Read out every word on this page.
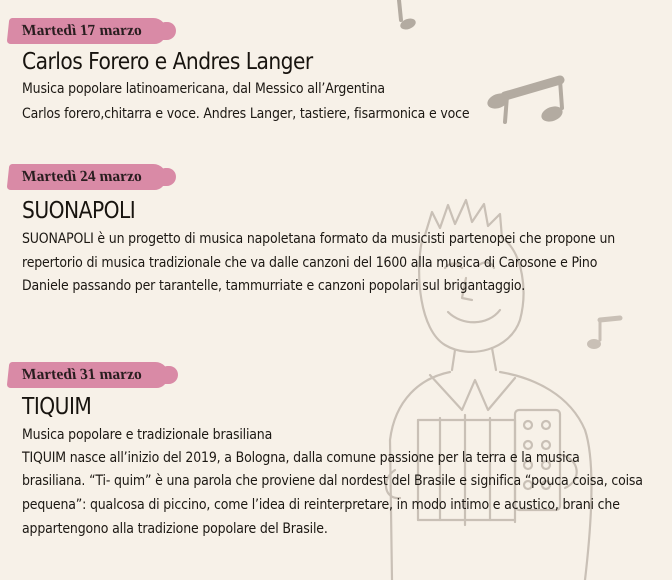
Martedì 17 marzo
Carlos Forero e Andres Langer
Musica popolare latinoamericana, dal Messico all’Argentina
Carlos forero,chitarra e voce. Andres Langer, tastiere, fisarmonica e voce
Martedì 24 marzo
SUONAPOLI
SUONAPOLI è un progetto di musica napoletana formato da musicisti partenopei che propone un
repertorio di musica tradizionale che va dalle canzoni del 1600 alla musica di Carosone e Pino
Daniele passando per tarantelle, tammurriate e canzoni popolari sul brigantaggio.
Martedì 31 marzo
TIQUIM
Musica popolare e tradizionale brasiliana
TIQUIM nasce all’inizio del 2019, a Bologna, dalla comune passione per la terra e la musica
brasiliana. “Ti- quim” è una parola che proviene dal nordest del Brasile e significa “pouca coisa, coisa
pequena”: qualcosa di piccino, come l’idea di reinterpretare, in modo intimo e acustico, brani che
appartengono alla tradizione popolare del Brasile.
